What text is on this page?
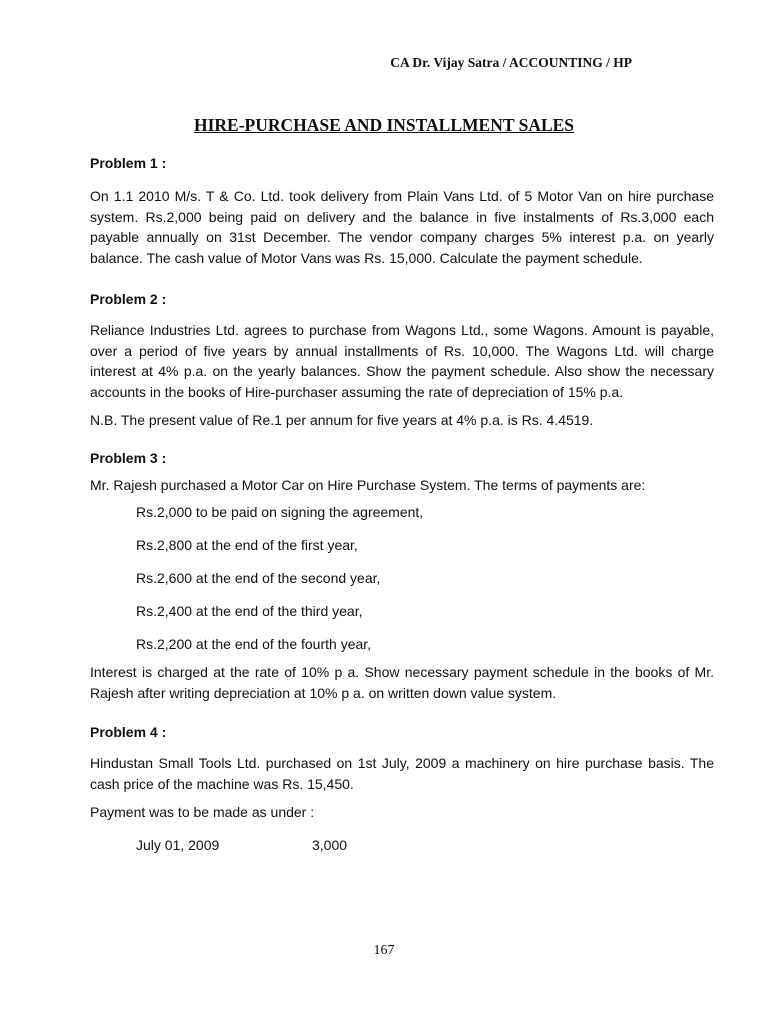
CA Dr. Vijay Satra / ACCOUNTING / HP
HIRE-PURCHASE AND INSTALLMENT SALES

Problem 1 :

On 1.1 2010 M/s. T & Co. Ltd. took delivery from Plain Vans Ltd. of 5 Motor Van on hire purchase system. Rs.2,000 being paid on delivery and the balance in five instalments of Rs.3,000 each payable annually on 31st December. The vendor company charges 5% interest p.a. on yearly balance. The cash value of Motor Vans was Rs. 15,000. Calculate the payment schedule.

Problem 2 :

Reliance Industries Ltd. agrees to purchase from Wagons Ltd., some Wagons. Amount is payable, over a period of five years by annual installments of Rs. 10,000. The Wagons Ltd. will charge interest at 4% p.a. on the yearly balances. Show the payment schedule. Also show the necessary accounts in the books of Hire-purchaser assuming the rate of depreciation of 15% p.a.

N.B. The present value of Re.1 per annum for five years at 4% p.a. is Rs. 4.4519.

Problem 3 :

Mr. Rajesh purchased a Motor Car on Hire Purchase System. The terms of payments are:

Rs.2,000 to be paid on signing the agreement,

Rs.2,800 at the end of the first year,

Rs.2,600 at the end of the second year,

Rs.2,400 at the end of the third year,

Rs.2,200 at the end of the fourth year,

Interest is charged at the rate of 10% p a. Show necessary payment schedule in the books of Mr. Rajesh after writing depreciation at 10% p a. on written down value system.

Problem 4 :

Hindustan Small Tools Ltd. purchased on 1st July, 2009 a machinery on hire purchase basis. The cash price of the machine was Rs. 15,450.

Payment was to be made as under :

July 01, 2009	3,000

167
